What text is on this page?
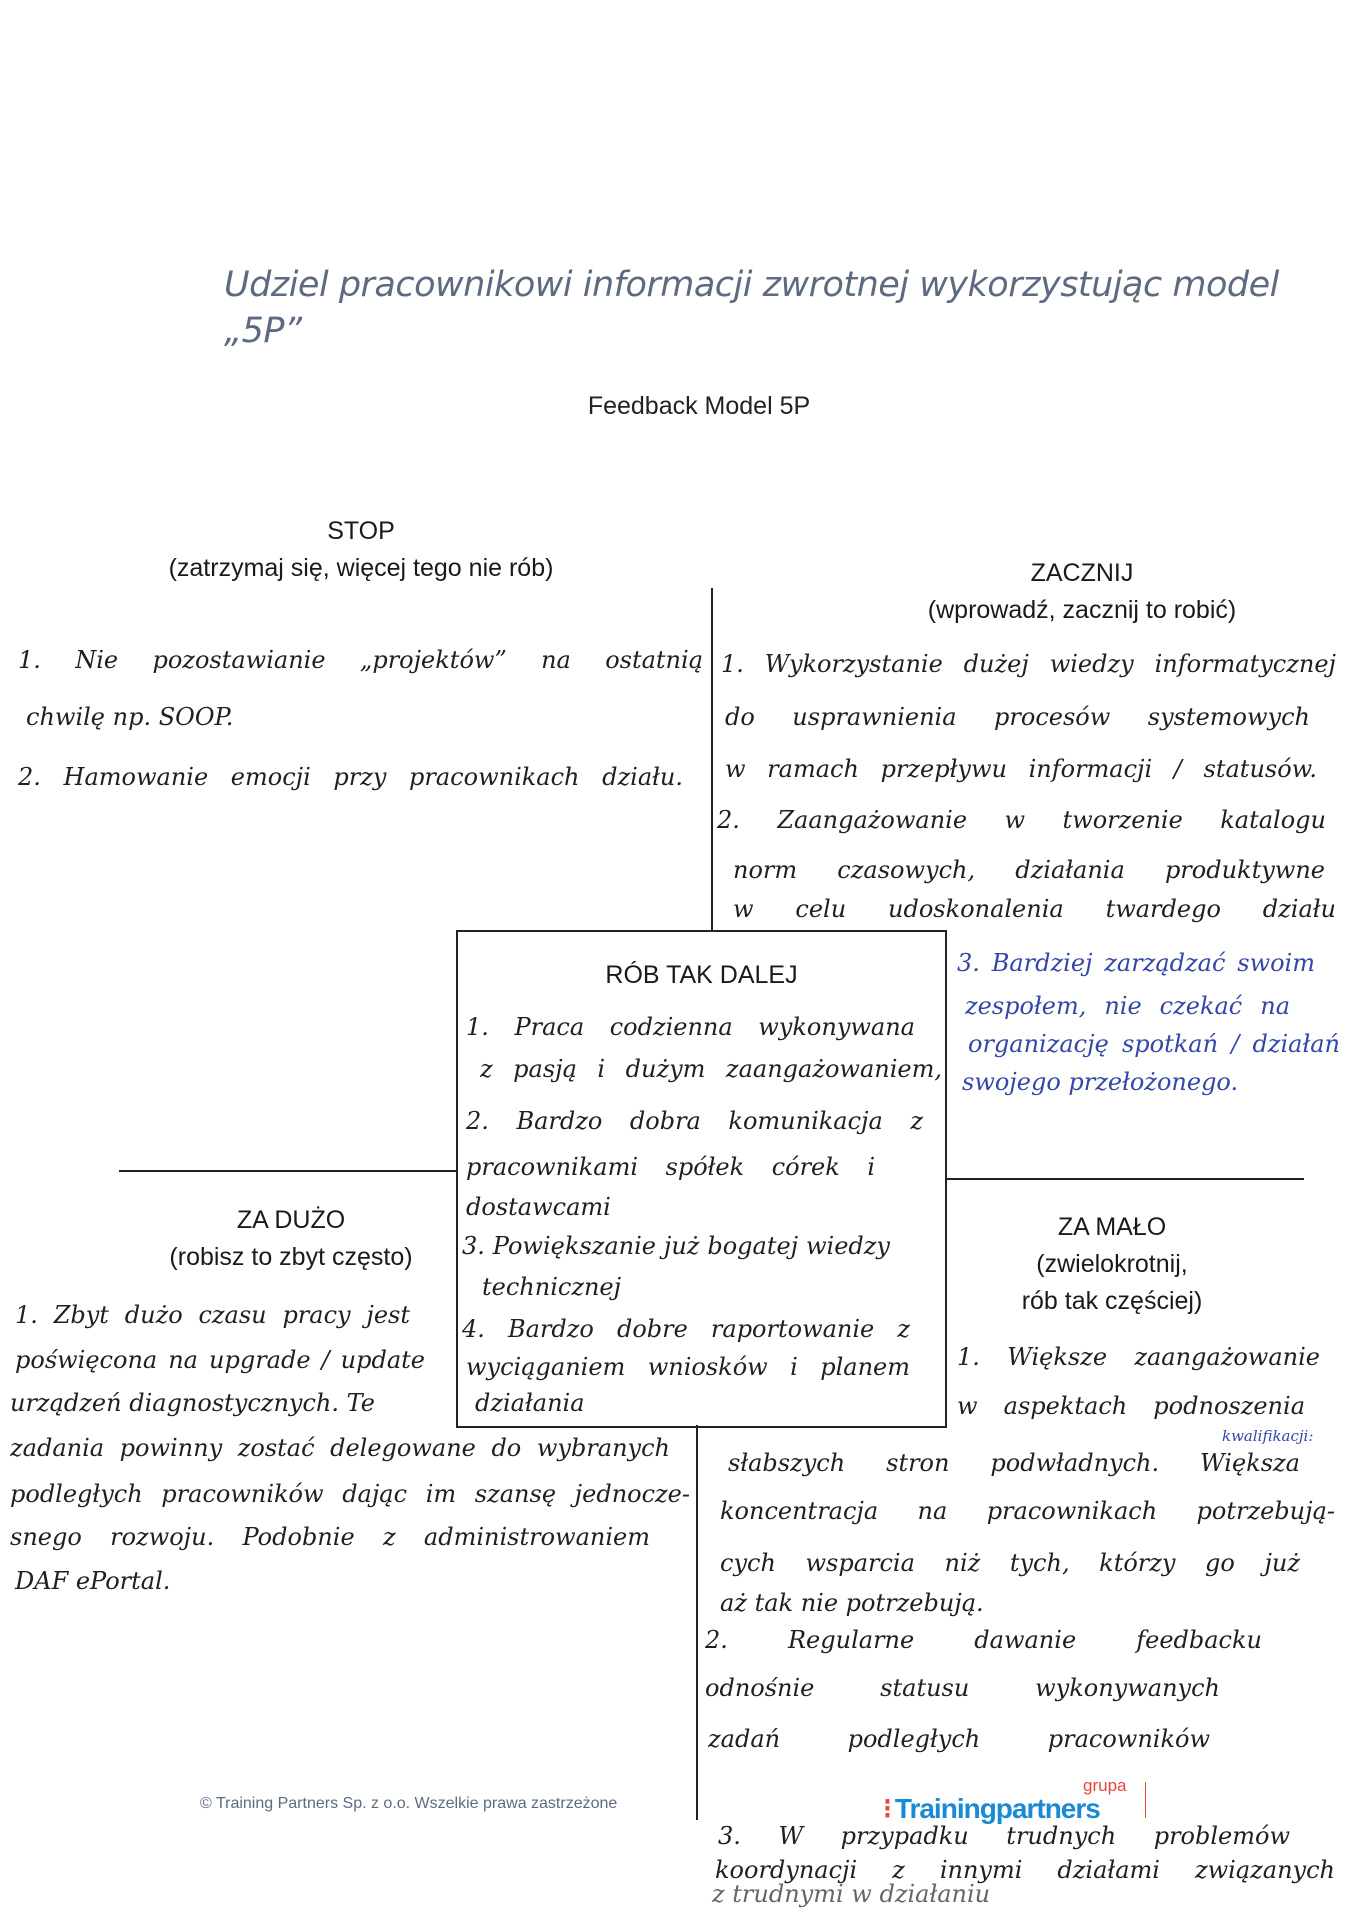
Udziel pracownikowi informacji zwrotnej wykorzystując model
„5P”
Feedback Model 5P
STOP
(zatrzymaj się, więcej tego nie rób)
1. Nie pozostawianie „projektów” na ostatnią
chwilę np. SOOP.
2. Hamowanie emocji przy pracownikach działu.
ZACZNIJ
(wprowadź, zacznij to robić)
1. Wykorzystanie dużej wiedzy informatycznej
do usprawnienia procesów systemowych
w ramach przepływu informacji / statusów.
2. Zaangażowanie w tworzenie katalogu
norm czasowych, działania produktywne
w celu udoskonalenia twardego działu
3. Bardziej zarządzać swoim
zespołem, nie czekać na
organizację spotkań / działań
swojego przełożonego.
RÓB TAK DALEJ
1. Praca codzienna wykonywana
z pasją i dużym zaangażowaniem,
2. Bardzo dobra komunikacja z
pracownikami spółek córek i
dostawcami
3. Powiększanie już bogatej wiedzy
technicznej
4. Bardzo dobre raportowanie z
wyciąganiem wniosków i planem
działania
ZA DUŻO
(robisz to zbyt często)
1. Zbyt dużo czasu pracy jest
poświęcona na upgrade / update
urządzeń diagnostycznych. Te
zadania powinny zostać delegowane do wybranych
podległych pracowników dając im szansę jednocze-
snego rozwoju. Podobnie z administrowaniem
DAF ePortal.
ZA MAŁO
(zwielokrotnij,
rób tak częściej)
1. Większe zaangażowanie
w aspektach podnoszenia
kwalifikacji:
słabszych stron podwładnych. Większa
koncentracja na pracownikach potrzebują-
cych wsparcia niż tych, którzy go już
aż tak nie potrzebują.
2. Regularne dawanie feedbacku
odnośnie statusu wykonywanych
zadań podległych pracowników
3. W przypadku trudnych problemów
koordynacji z innymi działami związanych
z trudnymi w działaniu
© Training Partners Sp. z o.o. Wszelkie prawa zastrzeżone
grupa
⁝ Trainingpartners
